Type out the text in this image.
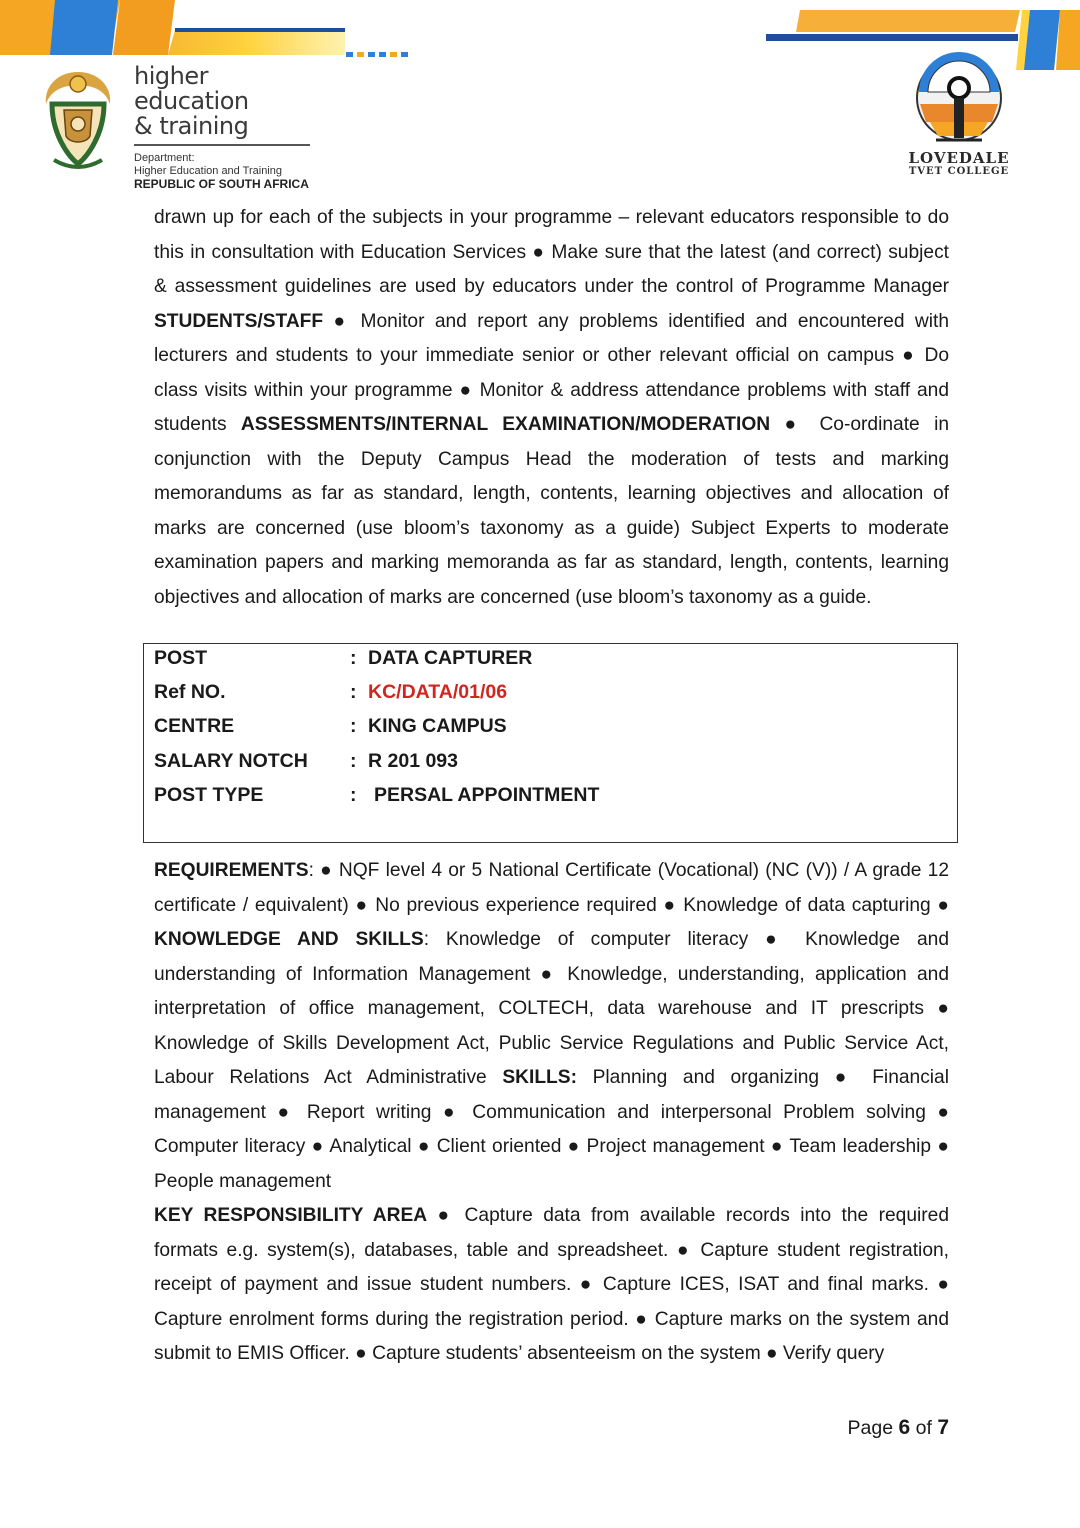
higher education
& training
Department:
Higher Education and Training
REPUBLIC OF SOUTH AFRICA
LOVEDALE
TVET COLLEGE
drawn up for each of the subjects in your programme – relevant educators responsible to do this in consultation with Education Services ● Make sure that the latest (and correct) subject & assessment guidelines are used by educators under the control of Programme Manager STUDENTS/STAFF ● Monitor and report any problems identified and encountered with lecturers and students to your immediate senior or other relevant official on campus ● Do class visits within your programme ● Monitor & address attendance problems with staff and students ASSESSMENTS/INTERNAL EXAMINATION/MODERATION ● Co-ordinate in conjunction with the Deputy Campus Head the moderation of tests and marking memorandums as far as standard, length, contents, learning objectives and allocation of marks are concerned (use bloom’s taxonomy as a guide) Subject Experts to moderate examination papers and marking memoranda as far as standard, length, contents, learning objectives and allocation of marks are concerned (use bloom’s taxonomy as a guide.
POST	: DATA CAPTURER
Ref NO.	: KC/DATA/01/06
CENTRE	: KING CAMPUS
SALARY NOTCH	: R 201 093
POST TYPE	: PERSAL APPOINTMENT
REQUIREMENTS: ● NQF level 4 or 5 National Certificate (Vocational) (NC (V)) / A grade 12 certificate / equivalent) ● No previous experience required ● Knowledge of data capturing ● KNOWLEDGE AND SKILLS: Knowledge of computer literacy ● Knowledge and understanding of Information Management ● Knowledge, understanding, application and interpretation of office management, COLTECH, data warehouse and IT prescripts ● Knowledge of Skills Development Act, Public Service Regulations and Public Service Act, Labour Relations Act Administrative SKILLS: Planning and organizing ● Financial management ● Report writing ● Communication and interpersonal Problem solving ● Computer literacy ● Analytical ● Client oriented ● Project management ● Team leadership ● People management
KEY RESPONSIBILITY AREA ● Capture data from available records into the required formats e.g. system(s), databases, table and spreadsheet. ● Capture student registration, receipt of payment and issue student numbers. ● Capture ICES, ISAT and final marks. ● Capture enrolment forms during the registration period. ● Capture marks on the system and submit to EMIS Officer. ● Capture students’ absenteeism on the system ● Verify query
Page 6 of 7
